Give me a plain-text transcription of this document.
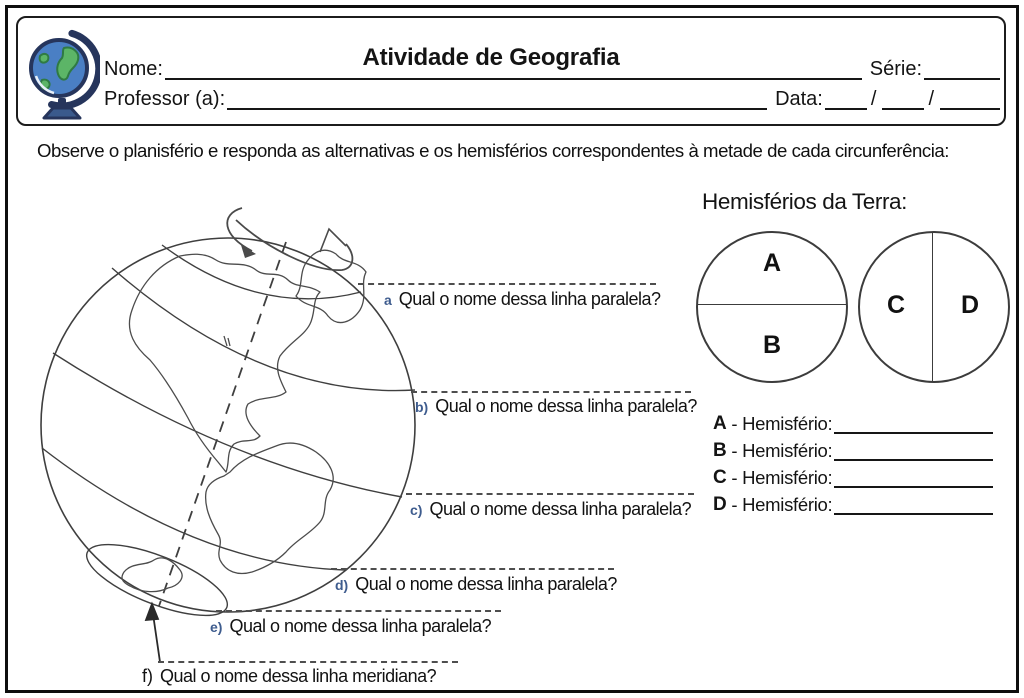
Atividade de Geografia
Nome:	Série:
Professor (a):	Data: /	/
Observe o planisfério e responda as alternativas e os hemisférios correspondentes à metade de cada circunferência:
a Qual o nome dessa linha paralela?
b) Qual o nome dessa linha paralela?
c) Qual o nome dessa linha paralela?
d) Qual o nome dessa linha paralela?
e) Qual o nome dessa linha paralela?
f) Qual o nome dessa linha meridiana?
Hemisférios da Terra:
A
B
C	D
A - Hemisfério:
B - Hemisfério:
C - Hemisfério:
D - Hemisfério:
